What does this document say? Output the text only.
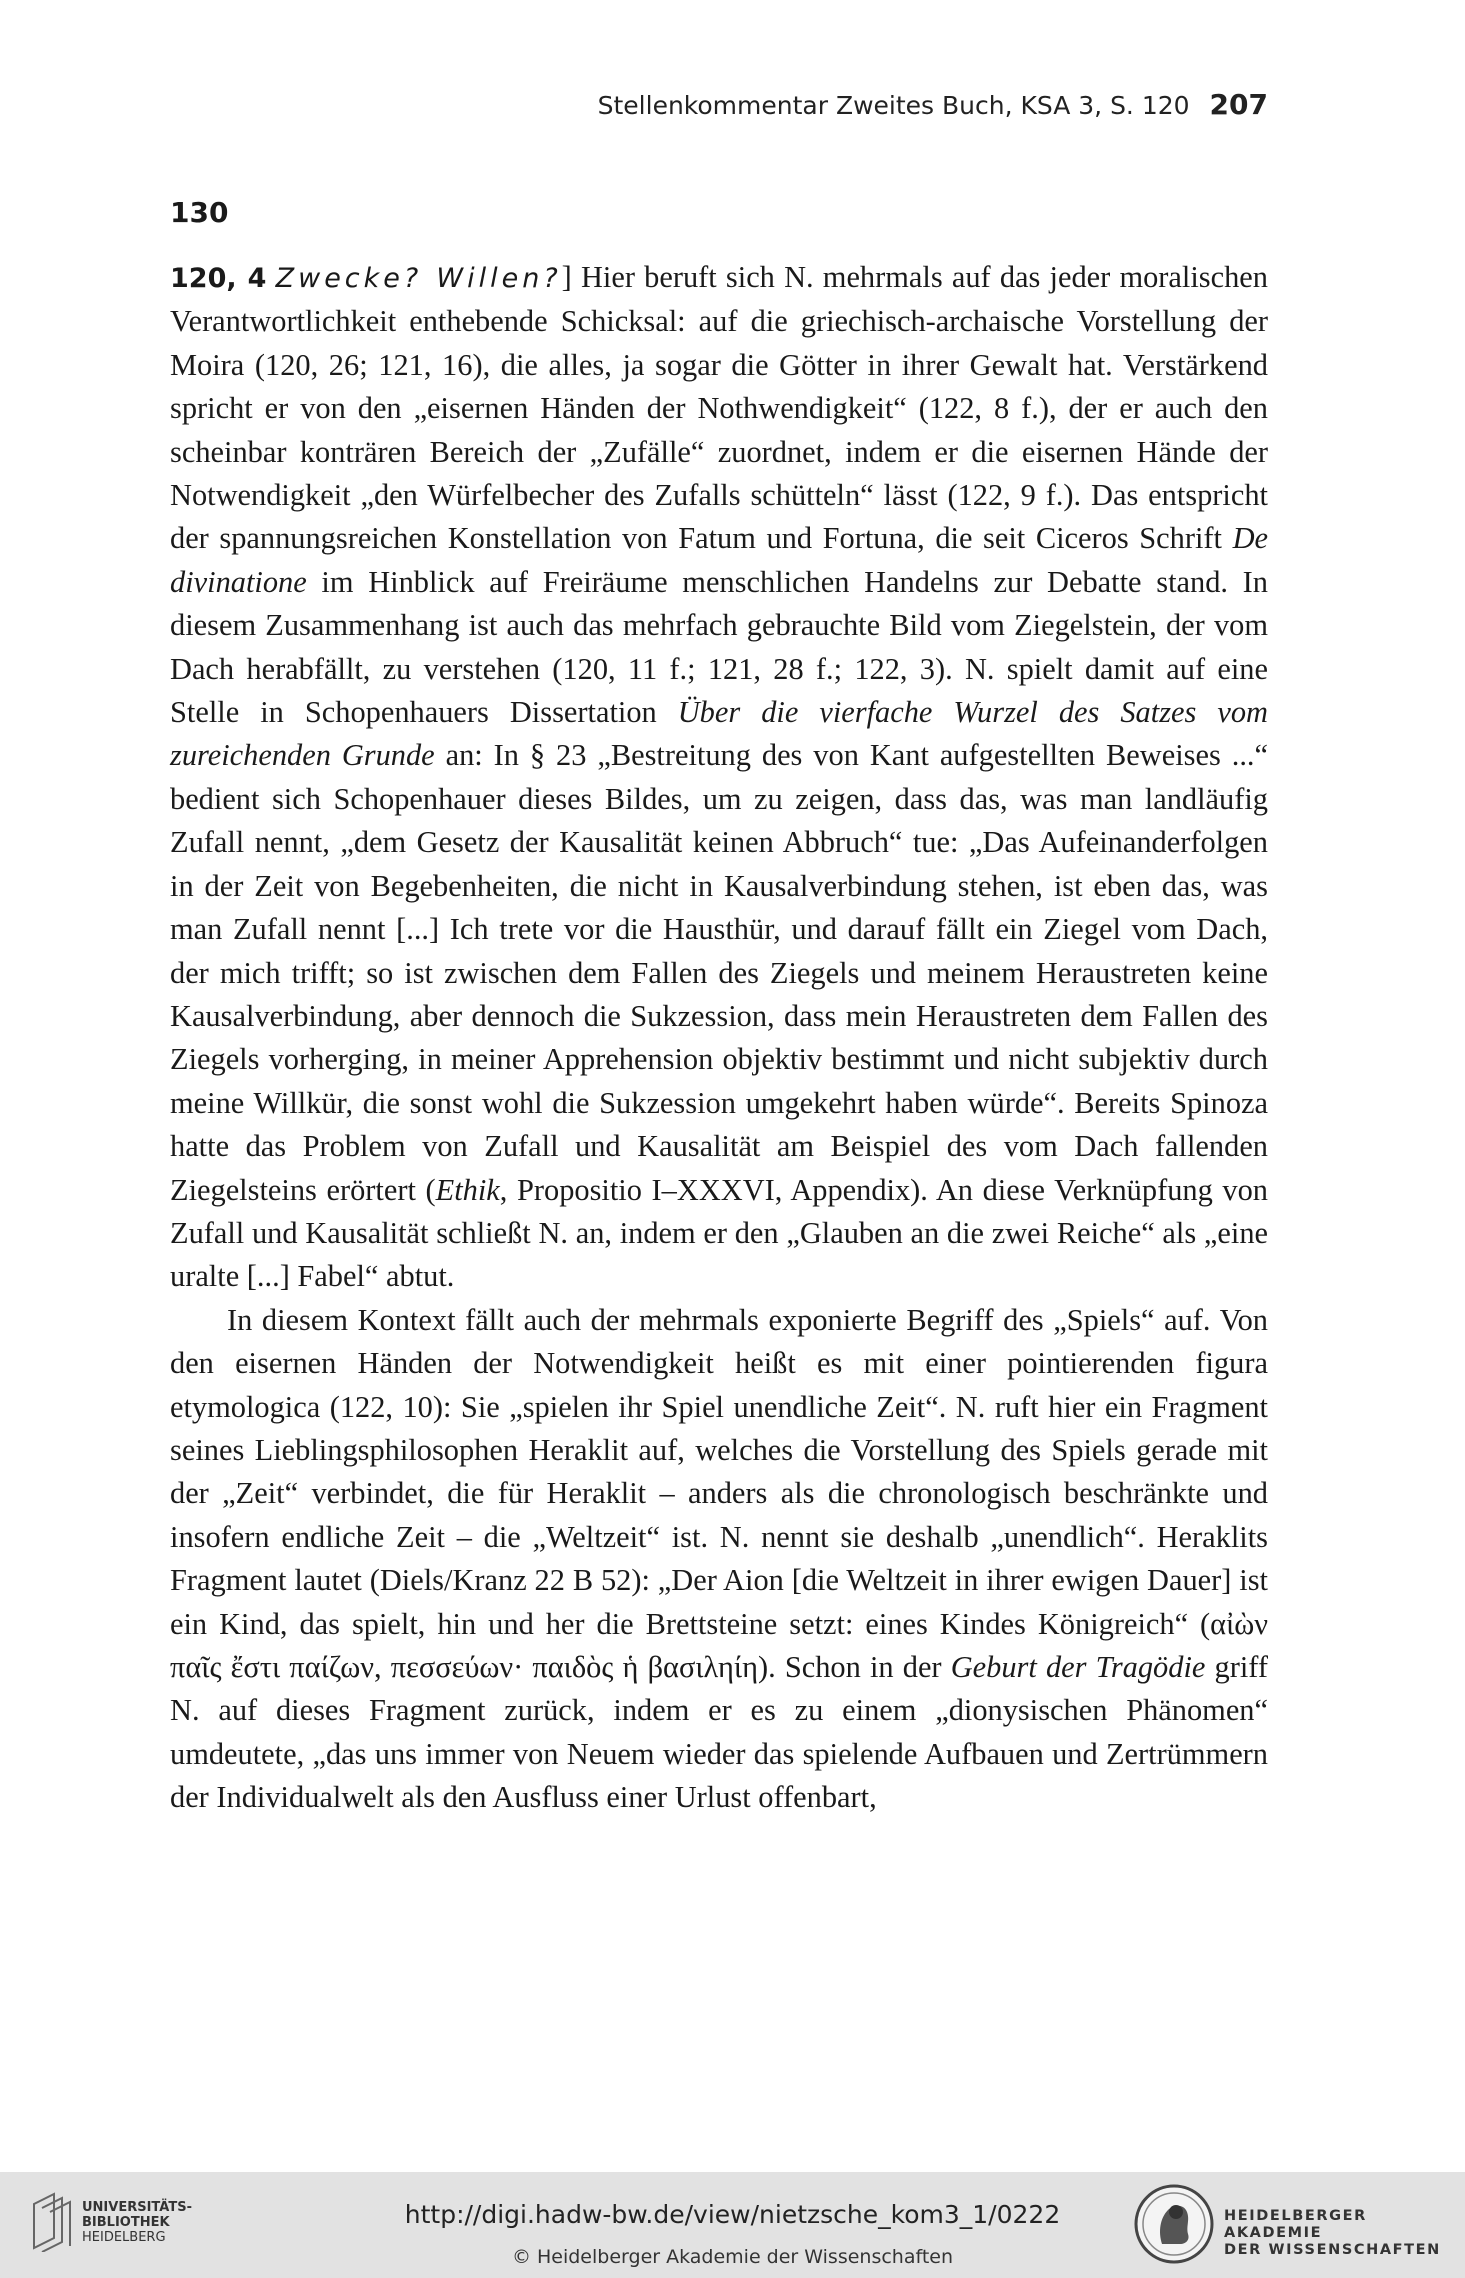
Stellenkommentar Zweites Buch, KSA 3, S. 120 207
130

120, 4 Zwecke? Willen?] Hier beruft sich N. mehrmals auf das jeder moralischen Verantwortlichkeit enthebende Schicksal: auf die griechisch-archaische Vorstellung der Moira (120, 26; 121, 16), die alles, ja sogar die Götter in ihrer Gewalt hat. Verstärkend spricht er von den „eisernen Händen der Nothwendigkeit“ (122, 8 f.), der er auch den scheinbar konträren Bereich der „Zufälle“ zuordnet, indem er die eisernen Hände der Notwendigkeit „den Würfelbecher des Zufalls schütteln“ lässt (122, 9 f.). Das entspricht der spannungsreichen Konstellation von Fatum und Fortuna, die seit Ciceros Schrift De divinatione im Hinblick auf Freiräume menschlichen Handelns zur Debatte stand. In diesem Zusammenhang ist auch das mehrfach gebrauchte Bild vom Ziegelstein, der vom Dach herabfällt, zu verstehen (120, 11 f.; 121, 28 f.; 122, 3). N. spielt damit auf eine Stelle in Schopenhauers Dissertation Über die vierfache Wurzel des Satzes vom zureichenden Grunde an: In § 23 „Bestreitung des von Kant aufgestellten Beweises ...“ bedient sich Schopenhauer dieses Bildes, um zu zeigen, dass das, was man landläufig Zufall nennt, „dem Gesetz der Kausalität keinen Abbruch“ tue: „Das Aufeinanderfolgen in der Zeit von Begebenheiten, die nicht in Kausalverbindung stehen, ist eben das, was man Zufall nennt [...] Ich trete vor die Hausthür, und darauf fällt ein Ziegel vom Dach, der mich trifft; so ist zwischen dem Fallen des Ziegels und meinem Heraustreten keine Kausalverbindung, aber dennoch die Sukzession, dass mein Heraustreten dem Fallen des Ziegels vorherging, in meiner Apprehension objektiv bestimmt und nicht subjektiv durch meine Willkür, die sonst wohl die Sukzession umgekehrt haben würde“. Bereits Spinoza hatte das Problem von Zufall und Kausalität am Beispiel des vom Dach fallenden Ziegelsteins erörtert (Ethik, Propositio I–XXXVI, Appendix). An diese Verknüpfung von Zufall und Kausalität schließt N. an, indem er den „Glauben an die zwei Reiche“ als „eine uralte [...] Fabel“ abtut.

In diesem Kontext fällt auch der mehrmals exponierte Begriff des „Spiels“ auf. Von den eisernen Händen der Notwendigkeit heißt es mit einer pointierenden figura etymologica (122, 10): Sie „spielen ihr Spiel unendliche Zeit“. N. ruft hier ein Fragment seines Lieblingsphilosophen Heraklit auf, welches die Vorstellung des Spiels gerade mit der „Zeit“ verbindet, die für Heraklit – anders als die chronologisch beschränkte und insofern endliche Zeit – die „Weltzeit“ ist. N. nennt sie deshalb „unendlich“. Heraklits Fragment lautet (Diels/Kranz 22 B 52): „Der Aion [die Weltzeit in ihrer ewigen Dauer] ist ein Kind, das spielt, hin und her die Brettsteine setzt: eines Kindes Königreich“ (αἰὼν παῖς ἔστι παίζων, πεσσεύων· παιδὸς ἡ βασιληίη). Schon in der Geburt der Tragödie griff N. auf dieses Fragment zurück, indem er es zu einem „dionysischen Phänomen“ umdeutete, „das uns immer von Neuem wieder das spielende Aufbauen und Zertrümmern der Individualwelt als den Ausfluss einer Urlust offenbart,

UNIVERSITÄTS-
BIBLIOTHEK
HEIDELBERG
http://digi.hadw-bw.de/view/nietzsche_kom3_1/0222
© Heidelberger Akademie der Wissenschaften
HEIDELBERGER AKADEMIE
DER WISSENSCHAFTEN
